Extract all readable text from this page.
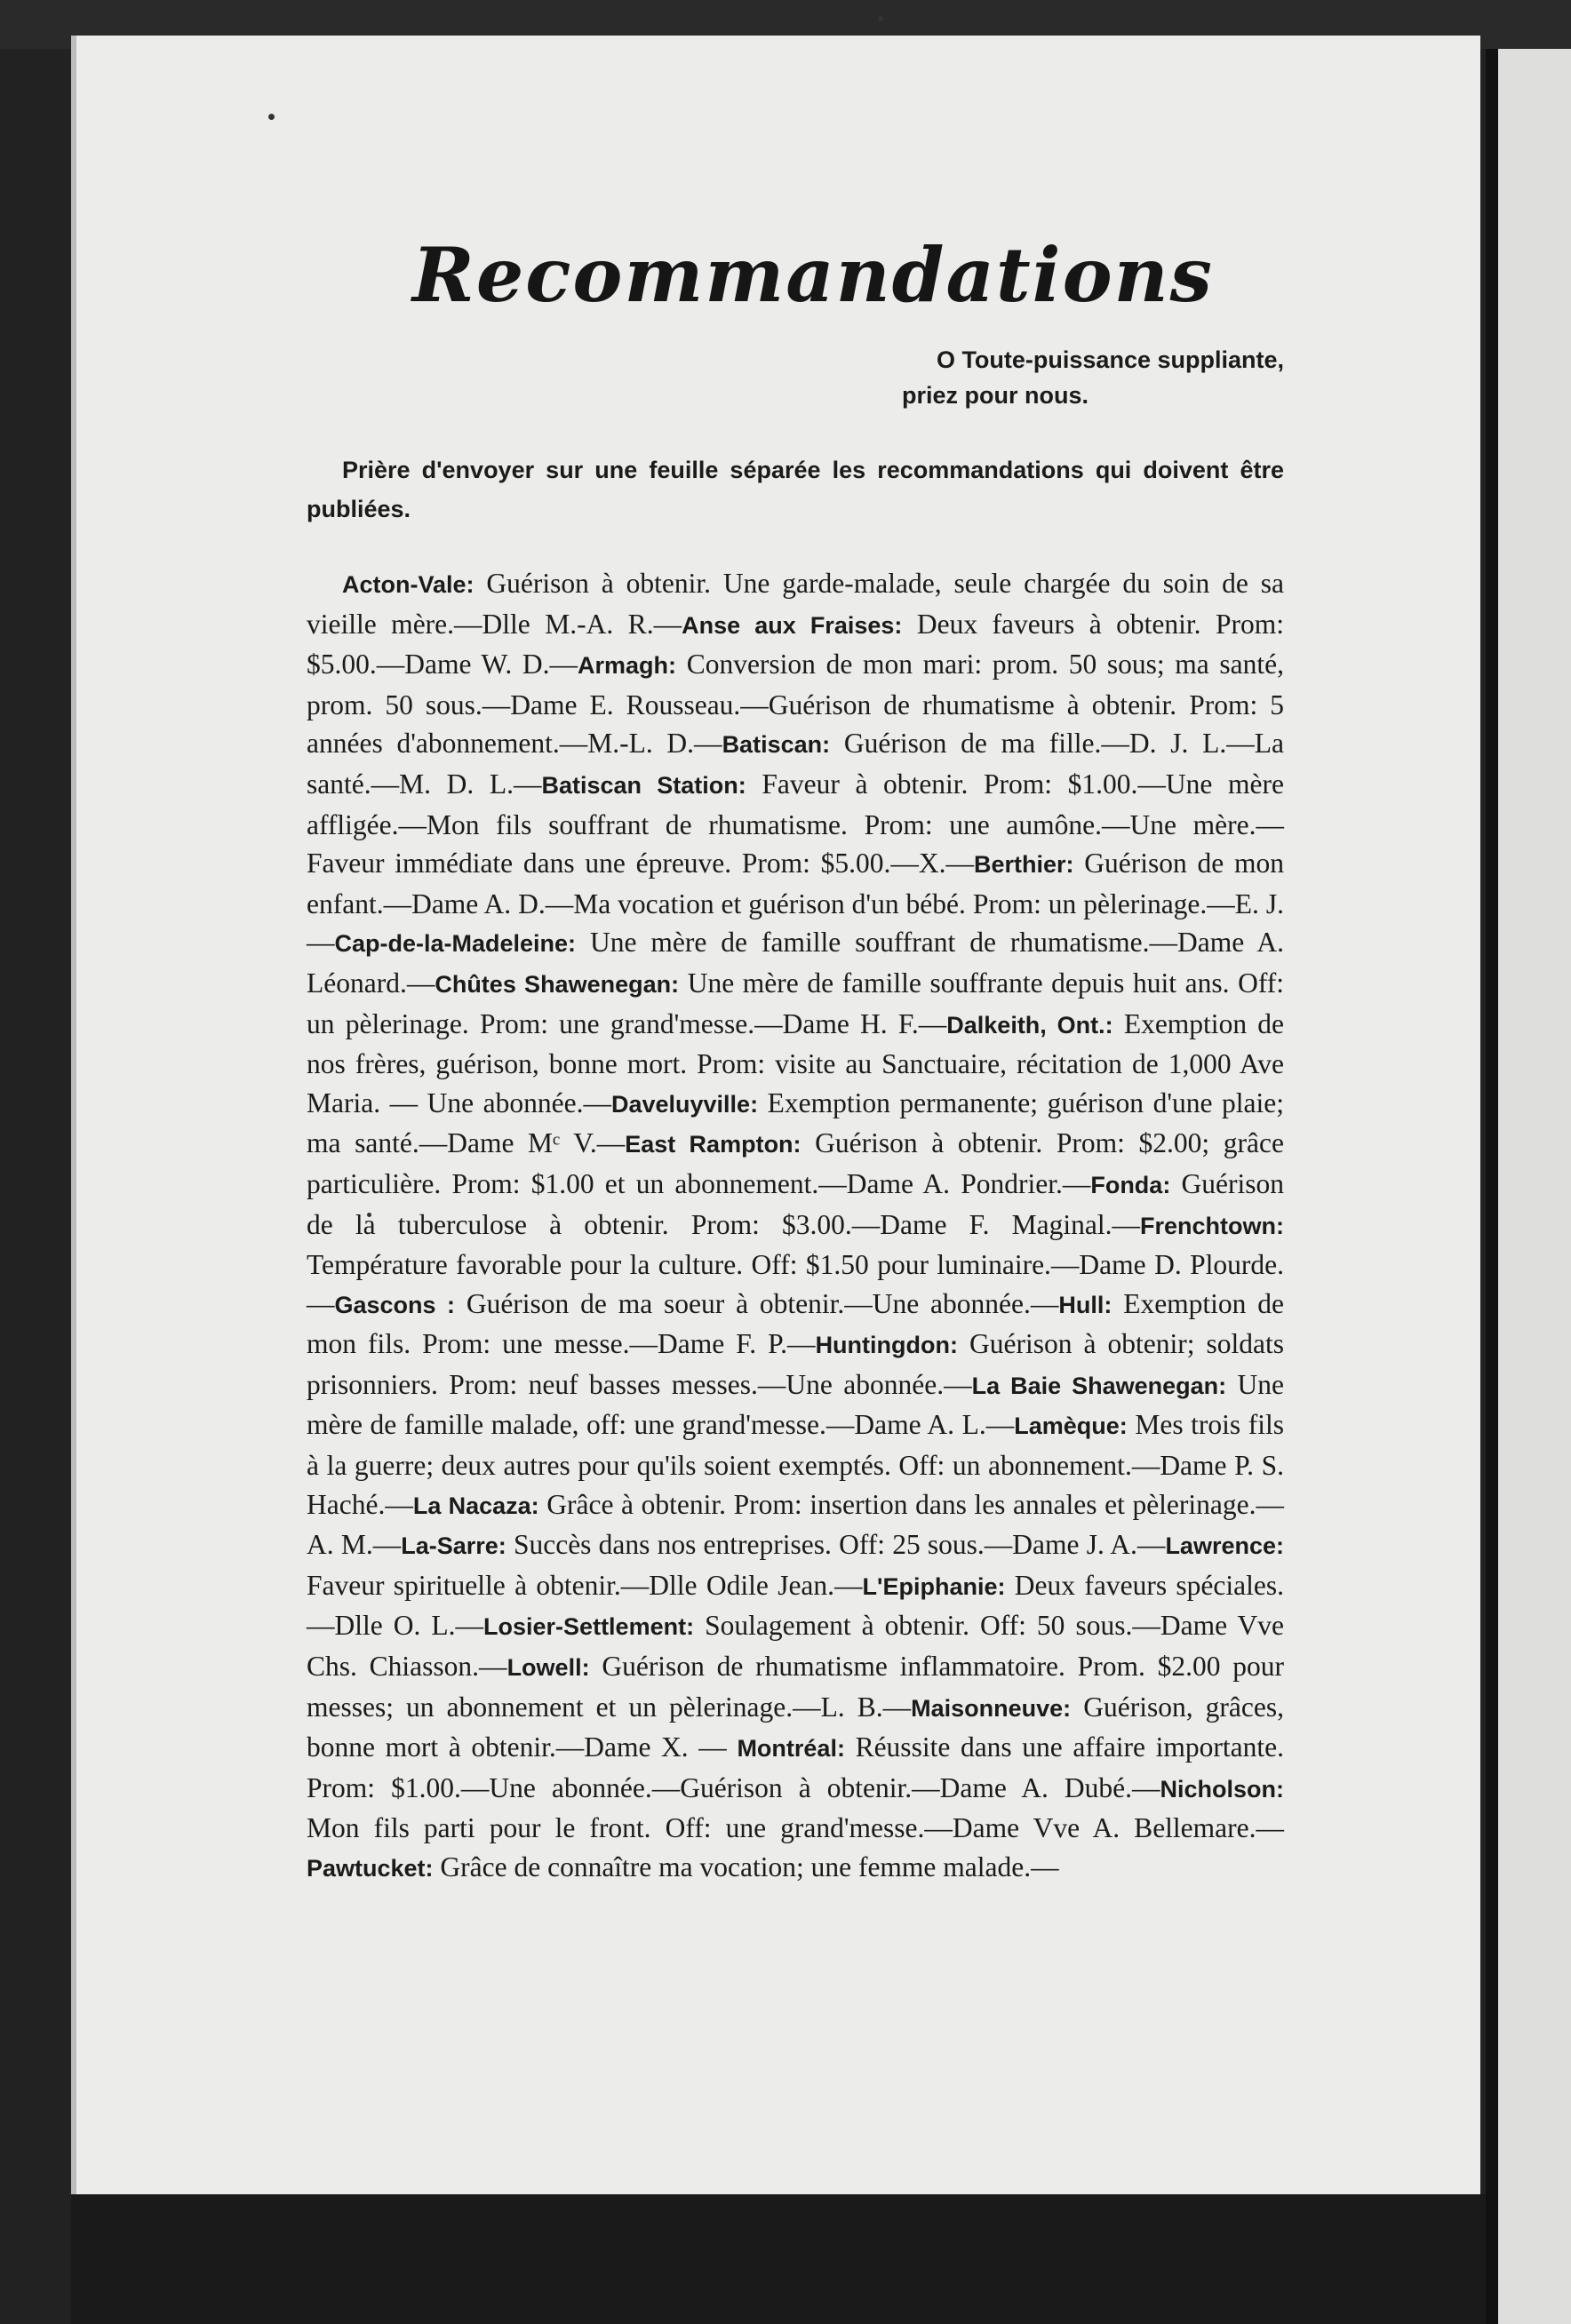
Recommandations
O Toute-puissance suppliante,
priez pour nous.

Prière d'envoyer sur une feuille séparée les recommandations qui doivent être publiées.

Acton-Vale: Guérison à obtenir. Une garde-malade, seule chargée du soin de sa vieille mère.—Dlle M.-A. R.—Anse aux Fraises: Deux faveurs à obtenir. Prom: $5.00.—Dame W. D.—Armagh: Conversion de mon mari: prom. 50 sous; ma santé, prom. 50 sous.—Dame E. Rousseau.—Guérison de rhumatisme à obtenir. Prom: 5 années d'abonnement.—M.-L. D.—Batiscan: Guérison de ma fille.—D. J. L.—La santé.—M. D. L.—Batiscan Station: Faveur à obtenir. Prom: $1.00.—Une mère affligée.—Mon fils souffrant de rhumatisme. Prom: une aumône.—Une mère.—Faveur immédiate dans une épreuve. Prom: $5.00.—X.—Berthier: Guérison de mon enfant.—Dame A. D.—Ma vocation et guérison d'un bébé. Prom: un pèlerinage.—E. J.—Cap-de-la-Madeleine: Une mère de famille souffrant de rhumatisme.—Dame A. Léonard.—Chûtes Shawenegan: Une mère de famille souffrante depuis huit ans. Off: un pèlerinage. Prom: une grand'messe.—Dame H. F.—Dalkeith, Ont.: Exemption de nos frères, guérison, bonne mort. Prom: visite au Sanctuaire, récitation de 1,000 Ave Maria. — Une abonnée.—Daveluyville: Exemption permanente; guérison d'une plaie; ma santé.—Dame Mᶜ V.—East Rampton: Guérison à obtenir. Prom: $2.00; grâce particulière. Prom: $1.00 et un abonnement.—Dame A. Pondrier.—Fonda: Guérison de la tuberculose à obtenir. Prom: $3.00.—Dame F. Maginal.—Frenchtown: Température favorable pour la culture. Off: $1.50 pour luminaire.—Dame D. Plourde.—Gascons : Guérison de ma soeur à obtenir.—Une abonnée.—Hull: Exemption de mon fils. Prom: une messe.—Dame F. P.—Huntingdon: Guérison à obtenir; soldats prisonniers. Prom: neuf basses messes.—Une abonnée.—La Baie Shawenegan: Une mère de famille malade, off: une grand'messe.—Dame A. L.—Lamèque: Mes trois fils à la guerre; deux autres pour qu'ils soient exemptés. Off: un abonnement.—Dame P. S. Haché.—La Nacaza: Grâce à obtenir. Prom: insertion dans les annales et pèlerinage.—A. M.—La-Sarre: Succès dans nos entreprises. Off: 25 sous.—Dame J. A.—Lawrence: Faveur spirituelle à obtenir.—Dlle Odile Jean.—L'Epiphanie: Deux faveurs spéciales.—Dlle O. L.—Losier-Settlement: Soulagement à obtenir. Off: 50 sous.—Dame Vve Chs. Chiasson.—Lowell: Guérison de rhumatisme inflammatoire. Prom. $2.00 pour messes; un abonnement et un pèlerinage.—L. B.—Maisonneuve: Guérison, grâces, bonne mort à obtenir.—Dame X. — Montréal: Réussite dans une affaire importante. Prom: $1.00.—Une abonnée.—Guérison à obtenir.—Dame A. Dubé.—Nicholson: Mon fils parti pour le front. Off: une grand'messe.—Dame Vve A. Bellemare.—Pawtucket: Grâce de connaître ma vocation; une femme malade.—
